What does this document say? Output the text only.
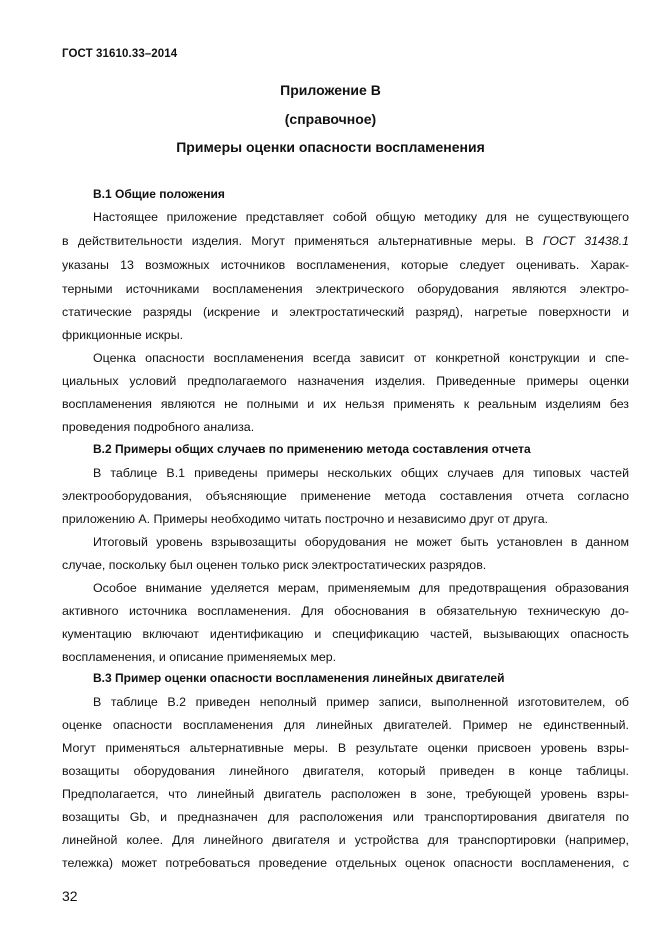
ГОСТ 31610.33–2014
Приложение В
(справочное)
Примеры оценки опасности воспламенения
В.1 Общие положения
Настоящее приложение представляет собой общую методику для не существующего
в действительности изделия. Могут применяться альтернативные меры. В ГОСТ 31438.1
указаны 13 возможных источников воспламенения, которые следует оценивать. Харак-
терными источниками воспламенения электрического оборудования являются электро-
статические разряды (искрение и электростатический разряд), нагретые поверхности и
фрикционные искры.
Оценка опасности воспламенения всегда зависит от конкретной конструкции и спе-
циальных условий предполагаемого назначения изделия. Приведенные примеры оценки
воспламенения являются не полными и их нельзя применять к реальным изделиям без
проведения подробного анализа.
В.2 Примеры общих случаев по применению метода составления отчета
В таблице В.1 приведены примеры нескольких общих случаев для типовых частей
электрооборудования, объясняющие применение метода составления отчета согласно
приложению А. Примеры необходимо читать построчно и независимо друг от друга.
Итоговый уровень взрывозащиты оборудования не может быть установлен в данном
случае, поскольку был оценен только риск электростатических разрядов.
Особое внимание уделяется мерам, применяемым для предотвращения образования
активного источника воспламенения. Для обоснования в обязательную техническую до-
кументацию включают идентификацию и спецификацию частей, вызывающих опасность
воспламенения, и описание применяемых мер.
В.3 Пример оценки опасности воспламенения линейных двигателей
В таблице В.2 приведен неполный пример записи, выполненной изготовителем, об
оценке опасности воспламенения для линейных двигателей. Пример не единственный.
Могут применяться альтернативные меры. В результате оценки присвоен уровень взры-
возащиты оборудования линейного двигателя, который приведен в конце таблицы.
Предполагается, что линейный двигатель расположен в зоне, требующей уровень взры-
возащиты Gb, и предназначен для расположения или транспортирования двигателя по
линейной колее. Для линейного двигателя и устройства для транспортировки (например,
тележка) может потребоваться проведение отдельных оценок опасности воспламенения, с
32
